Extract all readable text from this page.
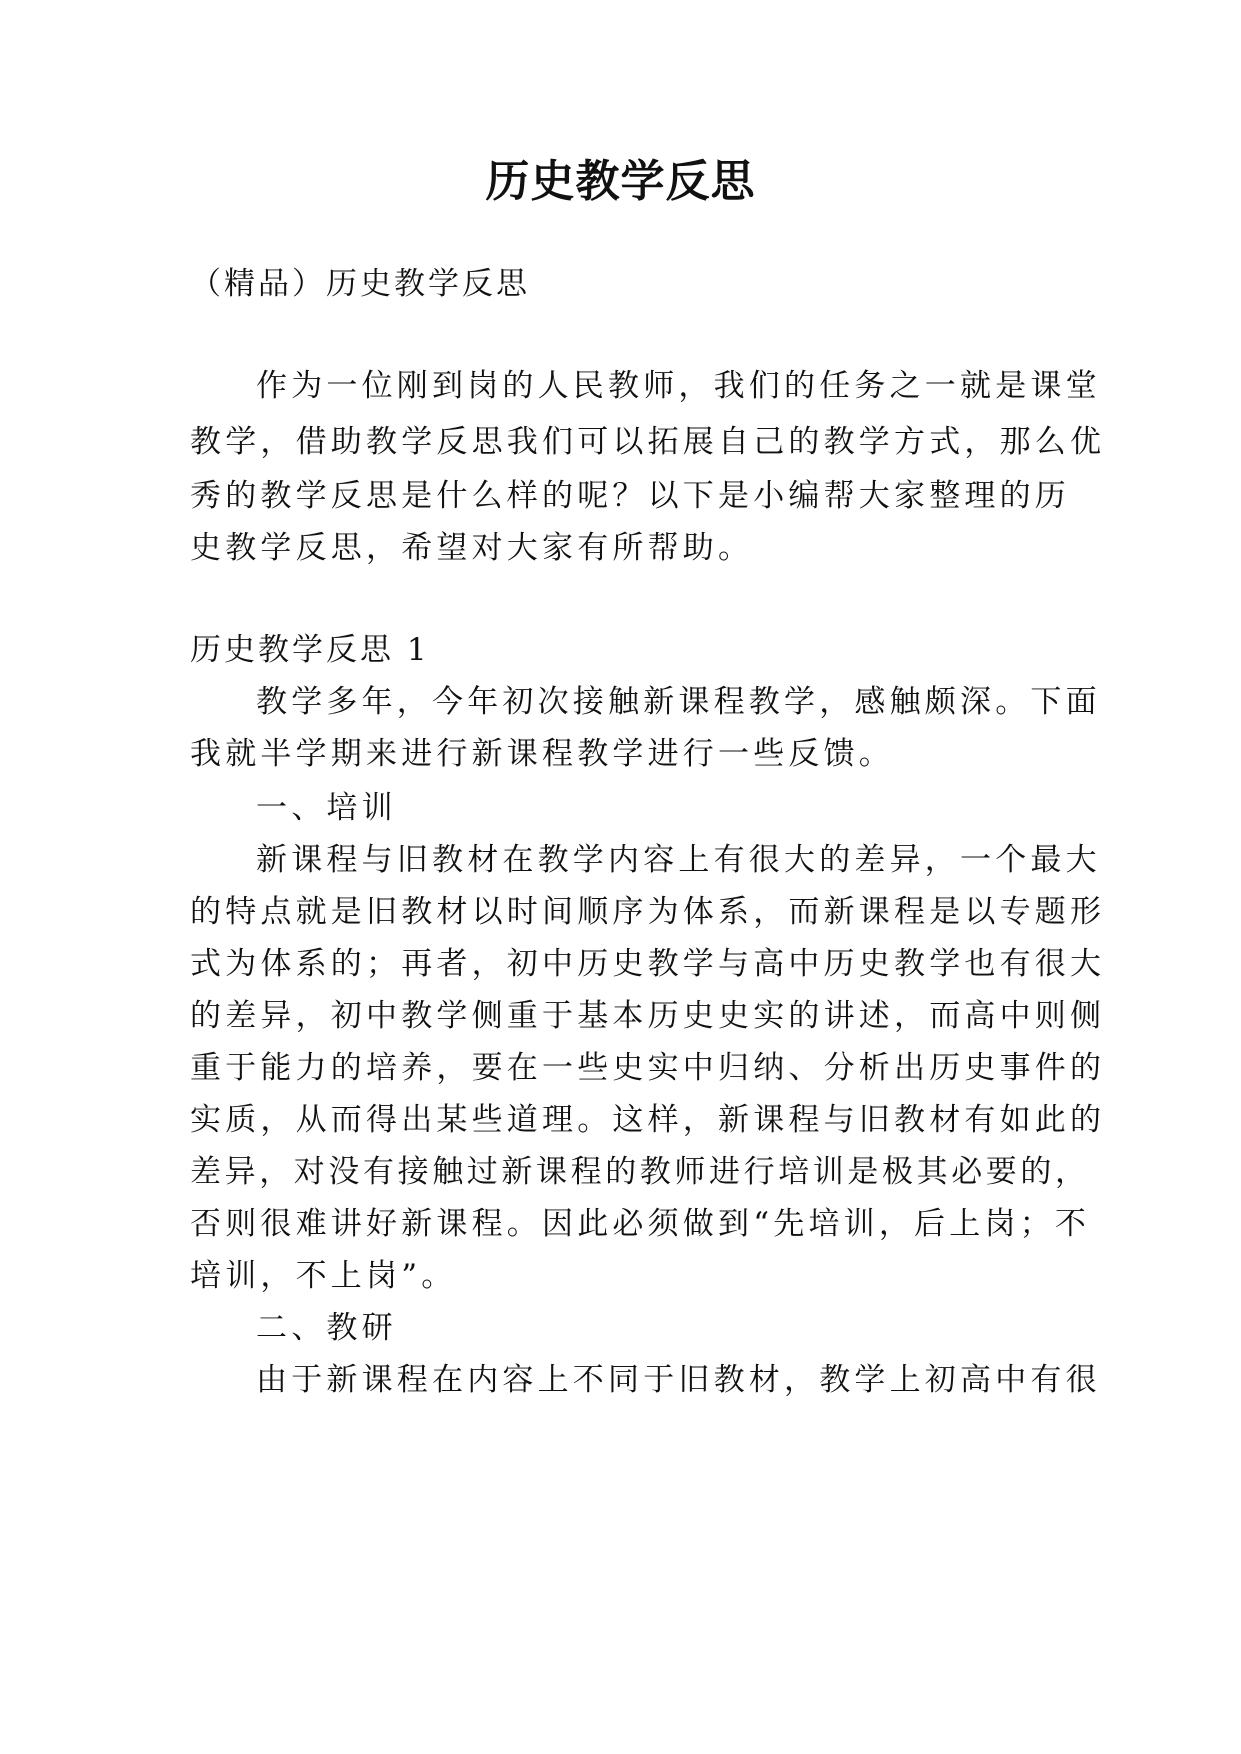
历史教学反思
（精品）历史教学反思
作为一位刚到岗的人民教师，我们的任务之一就是课堂
教学，借助教学反思我们可以拓展自己的教学方式，那么优
秀的教学反思是什么样的呢？以下是小编帮大家整理的历
史教学反思，希望对大家有所帮助。
历史教学反思 1
教学多年，今年初次接触新课程教学，感触颇深。下面
我就半学期来进行新课程教学进行一些反馈。
一、培训
新课程与旧教材在教学内容上有很大的差异，一个最大
的特点就是旧教材以时间顺序为体系，而新课程是以专题形
式为体系的；再者，初中历史教学与高中历史教学也有很大
的差异，初中教学侧重于基本历史史实的讲述，而高中则侧
重于能力的培养，要在一些史实中归纳、分析出历史事件的
实质，从而得出某些道理。这样，新课程与旧教材有如此的
差异，对没有接触过新课程的教师进行培训是极其必要的，
否则很难讲好新课程。因此必须做到“先培训，后上岗；不
培训，不上岗”。
二、教研
由于新课程在内容上不同于旧教材，教学上初高中有很
